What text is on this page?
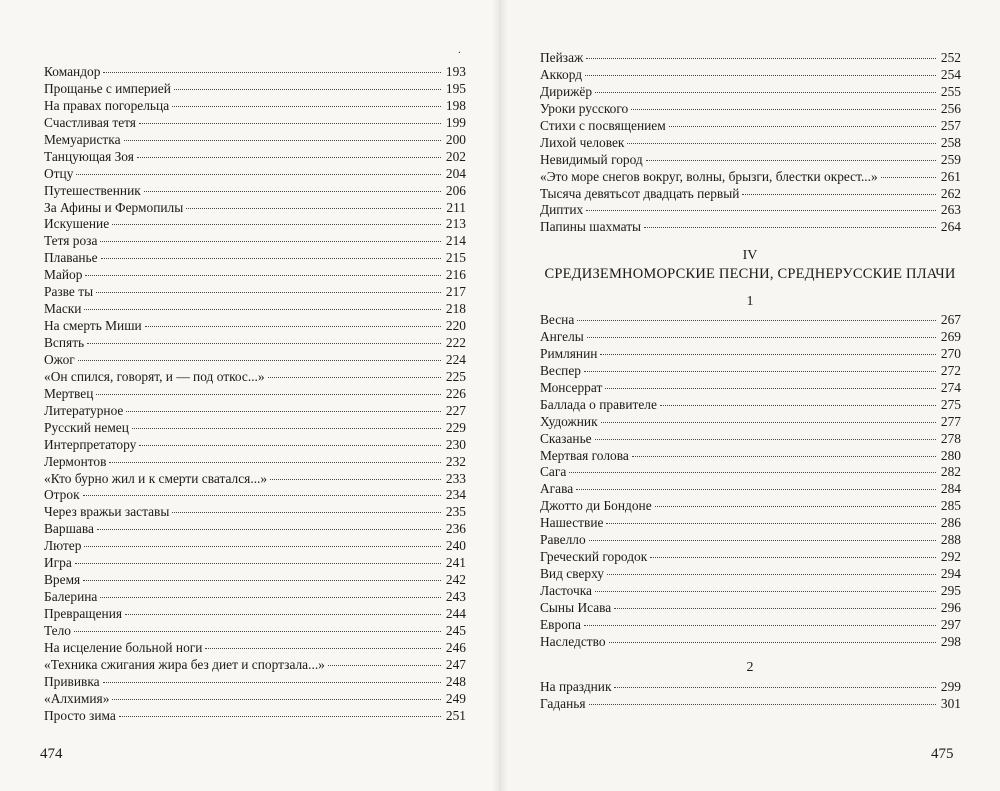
.
Командор	193
Прощанье с империей	195
На правах погорельца	198
Счастливая тетя	199
Мемуаристка	200
Танцующая Зоя	202
Отцу	204
Путешественник	206
За Афины и Фермопилы	211
Искушение	213
Тетя роза	214
Плаванье	215
Майор	216
Разве ты	217
Маски	218
На смерть Миши	220
Вспять	222
Ожог	224
«Он спился, говорят, и — под откос...»	225
Мертвец	226
Литературное	227
Русский немец	229
Интерпретатору	230
Лермонтов	232
«Кто бурно жил и к смерти сватался...»	233
Отрок	234
Через вражьи заставы	235
Варшава	236
Лютер	240
Игра	241
Время	242
Балерина	243
Превращения	244
Тело	245
На исцеление больной ноги	246
«Техника сжигания жира без диет и спортзала...»	247
Прививка	248
«Алхимия»	249
Просто зима	251
Пейзаж	252
Аккорд	254
Дирижёр	255
Уроки русского	256
Стихи с посвящением	257
Лихой человек	258
Невидимый город	259
«Это море снегов вокруг, волны, брызги, блестки окрест...»	261
Тысяча девятьсот двадцать первый	262
Диптих	263
Папины шахматы	264
IV
СРЕДИЗЕМНОМОРСКИЕ ПЕСНИ, СРЕДНЕРУССКИЕ ПЛАЧИ
1
Весна	267
Ангелы	269
Римлянин	270
Веспер	272
Монсеррат	274
Баллада о правителе	275
Художник	277
Сказанье	278
Мертвая голова	280
Сага	282
Агава	284
Джотто ди Бондоне	285
Нашествие	286
Равелло	288
Греческий городок	292
Вид сверху	294
Ласточка	295
Сыны Исава	296
Европа	297
Наследство	298
2
На праздник	299
Гаданья	301
474	475
